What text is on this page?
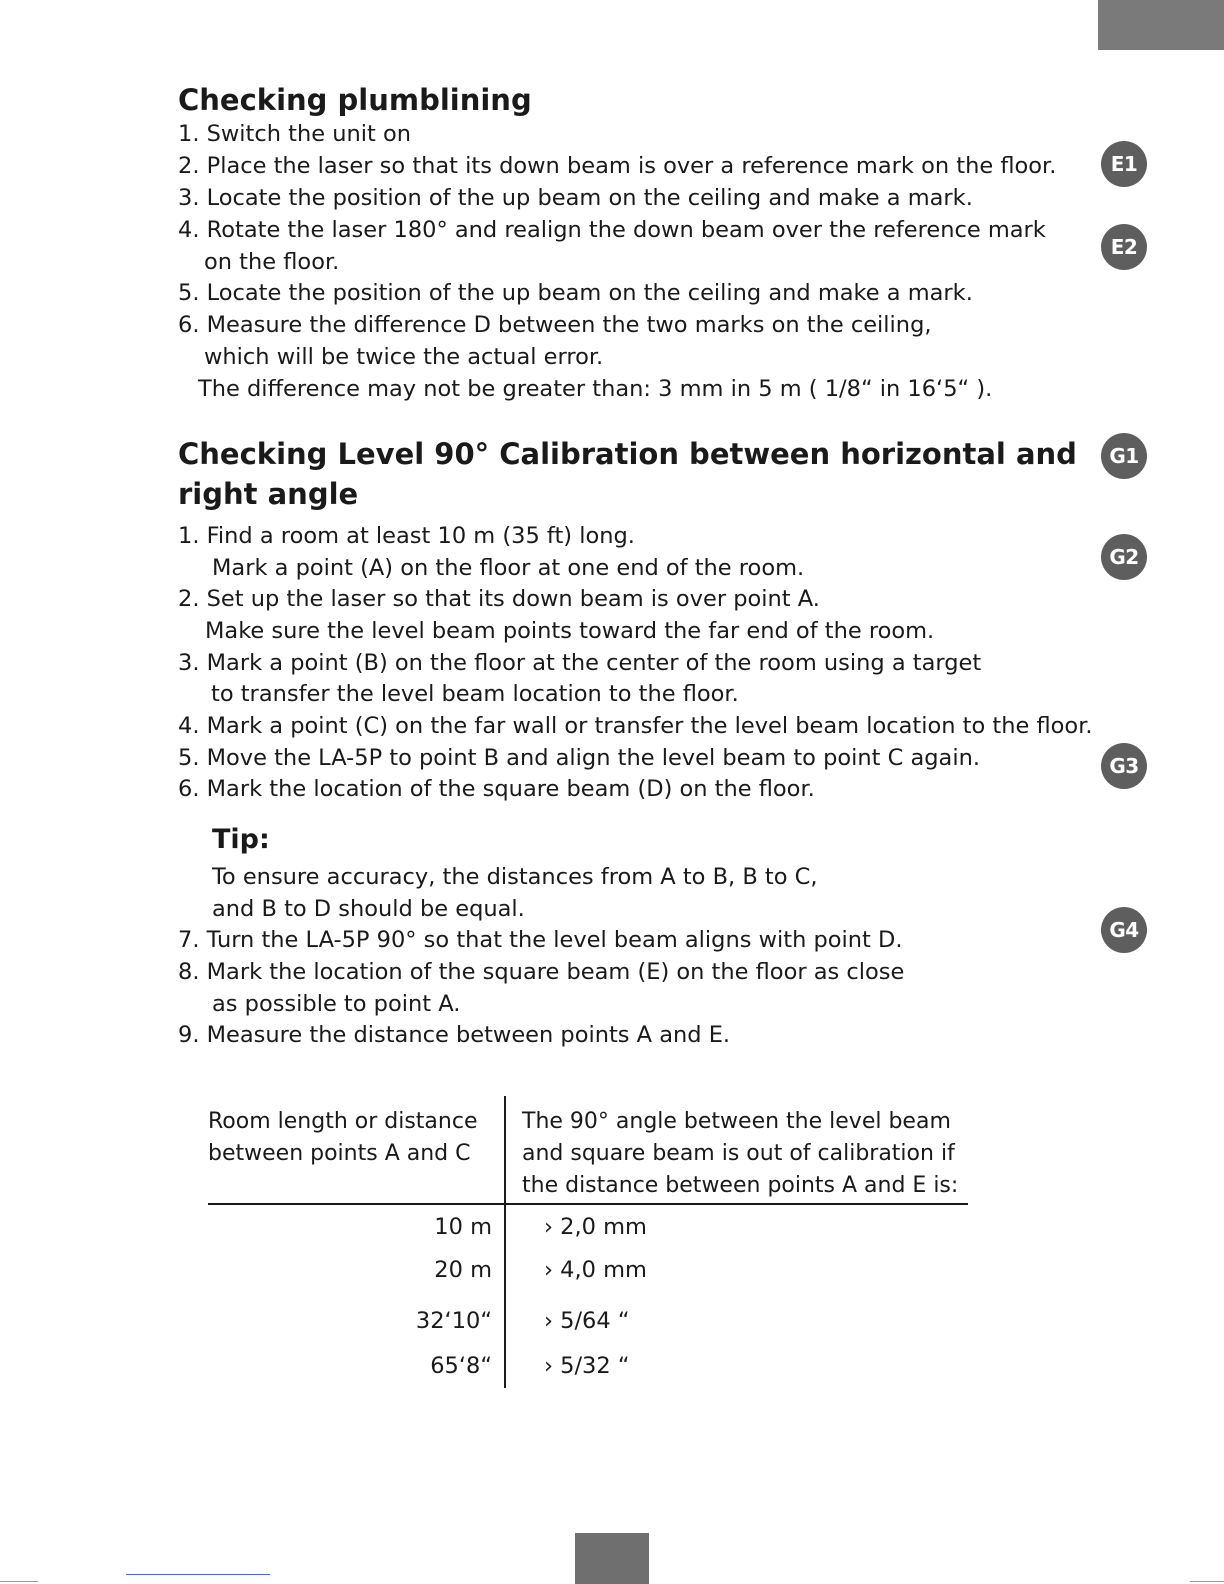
Checking plumblining
1. Switch the unit on
2. Place the laser so that its down beam is over a reference mark on the floor.
3. Locate the position of the up beam on the ceiling and make a mark.
4. Rotate the laser 180° and realign the down beam over the reference mark
on the floor.
5. Locate the position of the up beam on the ceiling and make a mark.
6. Measure the difference D between the two marks on the ceiling,
which will be twice the actual error.
The difference may not be greater than: 3 mm in 5 m ( 1/8“ in 16‘5“ ).
Checking Level 90° Calibration between horizontal and
right angle
1. Find a room at least 10 m (35 ft) long.
Mark a point (A) on the floor at one end of the room.
2. Set up the laser so that its down beam is over point A.
Make sure the level beam points toward the far end of the room.
3. Mark a point (B) on the floor at the center of the room using a target
to transfer the level beam location to the floor.
4. Mark a point (C) on the far wall or transfer the level beam location to the floor.
5. Move the LA-5P to point B and align the level beam to point C again.
6. Mark the location of the square beam (D) on the floor.
Tip:
To ensure accuracy, the distances from A to B, B to C,
and B to D should be equal.
7. Turn the LA-5P 90° so that the level beam aligns with point D.
8. Mark the location of the square beam (E) on the floor as close
as possible to point A.
9. Measure the distance between points A and E.
E1
E2
G1
G2
G3
G4
Room length or distance
between points A and C
The 90° angle between the level beam
and square beam is out of calibration if
the distance between points A and E is:
10 m › 2,0 mm
20 m › 4,0 mm
32‘10“ › 5/64 “
65‘8“ › 5/32 “
